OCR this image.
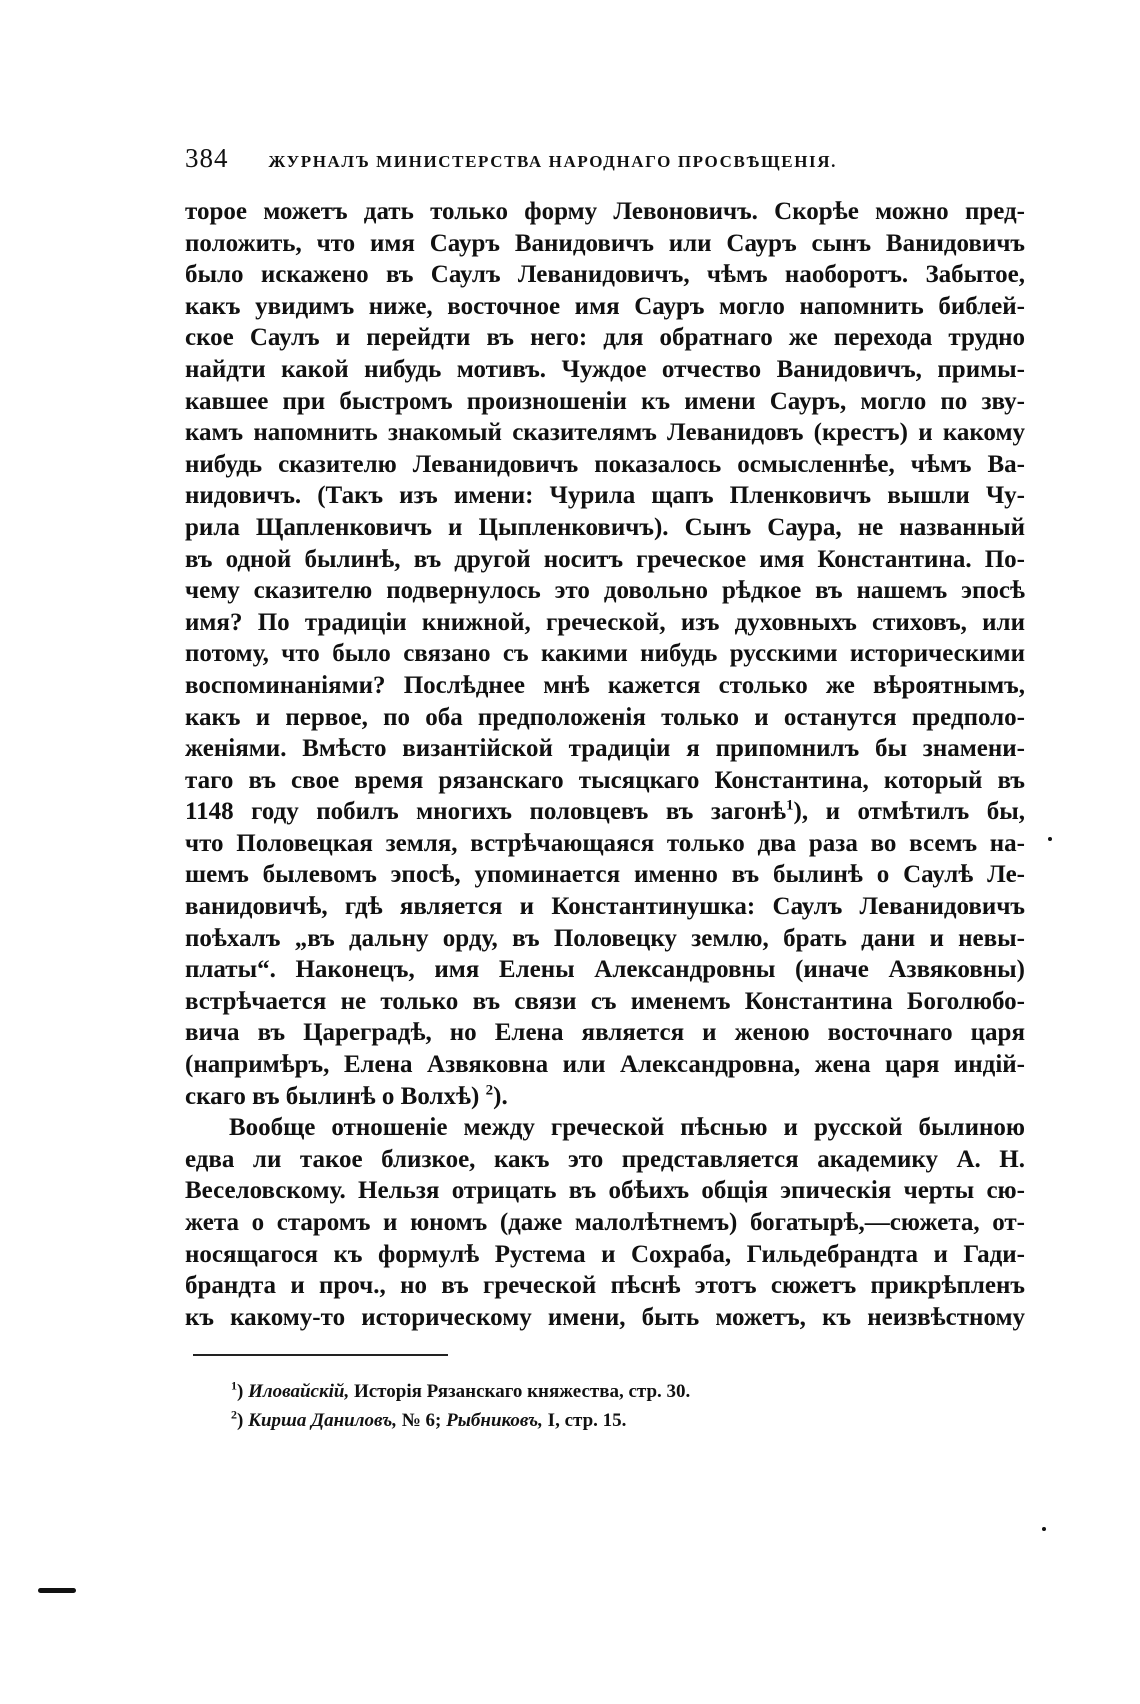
384 ЖУРНАЛЪ МИНИСТЕРСТВА НАРОДНАГО ПРОСВѢЩЕНІЯ.

торое можетъ дать только форму Левоновичъ. Скорѣе можно пред-

положить, что имя Сауръ Ванидовичъ или Сауръ сынъ Ванидовичъ

было искажено въ Саулъ Леванидовичъ, чѣмъ наоборотъ. Забытое,

какъ увидимъ ниже, восточное имя Сауръ могло напомнить библей-

ское Саулъ и перейдти въ него: для обратнаго же перехода трудно

найдти какой нибудь мотивъ. Чуждое отчество Ванидовичъ, примы-

кавшее при быстромъ произношеніи къ имени Сауръ, могло по зву-

камъ напомнить знакомый сказителямъ Леванидовъ (крестъ) и какому

нибудь сказителю Леванидовичъ показалось осмысленнѣе, чѣмъ Ва-

нидовичъ. (Такъ изъ имени: Чурила щапъ Пленковичъ вышли Чу-

рила Щапленковичъ и Цыпленковичъ). Сынъ Саура, не названный

въ одной былинѣ, въ другой носитъ греческое имя Константина. По-

чему сказителю подвернулось это довольно рѣдкое въ нашемъ эпосѣ

имя? По традиціи книжной, греческой, изъ духовныхъ стиховъ, или

потому, что было связано съ какими нибудь русскими историческими

воспоминаніями? Послѣднее мнѣ кажется столько же вѣроятнымъ,

какъ и первое, по оба предположенія только и останутся предполо-

женіями. Вмѣсто византійской традиціи я припомнилъ бы знамени-

таго въ свое время рязанскаго тысяцкаго Константина, который въ

1148 году побилъ многихъ половцевъ въ загонѣ$^1$), и отмѣтилъ бы,

что Половецкая земля, встрѣчающаяся только два раза во всемъ на-

шемъ былевомъ эпосѣ, упоминается именно въ былинѣ о Саулѣ Ле-

ванидовичѣ, гдѣ является и Константинушка: Саулъ Леванидовичъ

поѣхалъ „въ дальну орду, въ Половецку землю, брать дани и невы-

платы“. Наконецъ, имя Елены Александровны (иначе Азвяковны)

встрѣчается не только въ связи съ именемъ Константина Боголюбо-

вича въ Цареградѣ, но Елена является и женою восточнаго царя

(напримѣръ, Елена Азвяковна или Александровна, жена царя индій-

скаго въ былинѣ о Волхѣ) $^2$).

Вообще отношеніе между греческой пѣснью и русской былиною

едва ли такое близкое, какъ это представляется академику А. Н.

Веселовскому. Нельзя отрицать въ обѣихъ общія эпическія черты сю-

жета о старомъ и юномъ (даже малолѣтнемъ) богатырѣ,—сюжета, от-

носящагося къ формулѣ Рустема и Сохраба, Гильдебрандта и Гади-

брандта и проч., но въ греческой пѣснѣ этотъ сюжетъ прикрѣпленъ

къ какому-то историческому имени, быть можетъ, къ неизвѣстному

$^1$) Иловайскій, Исторія Рязанскаго княжества, стр. 30.
$^2$) Кирша Даниловъ, № 6; Рыбниковъ, I, стр. 15.
